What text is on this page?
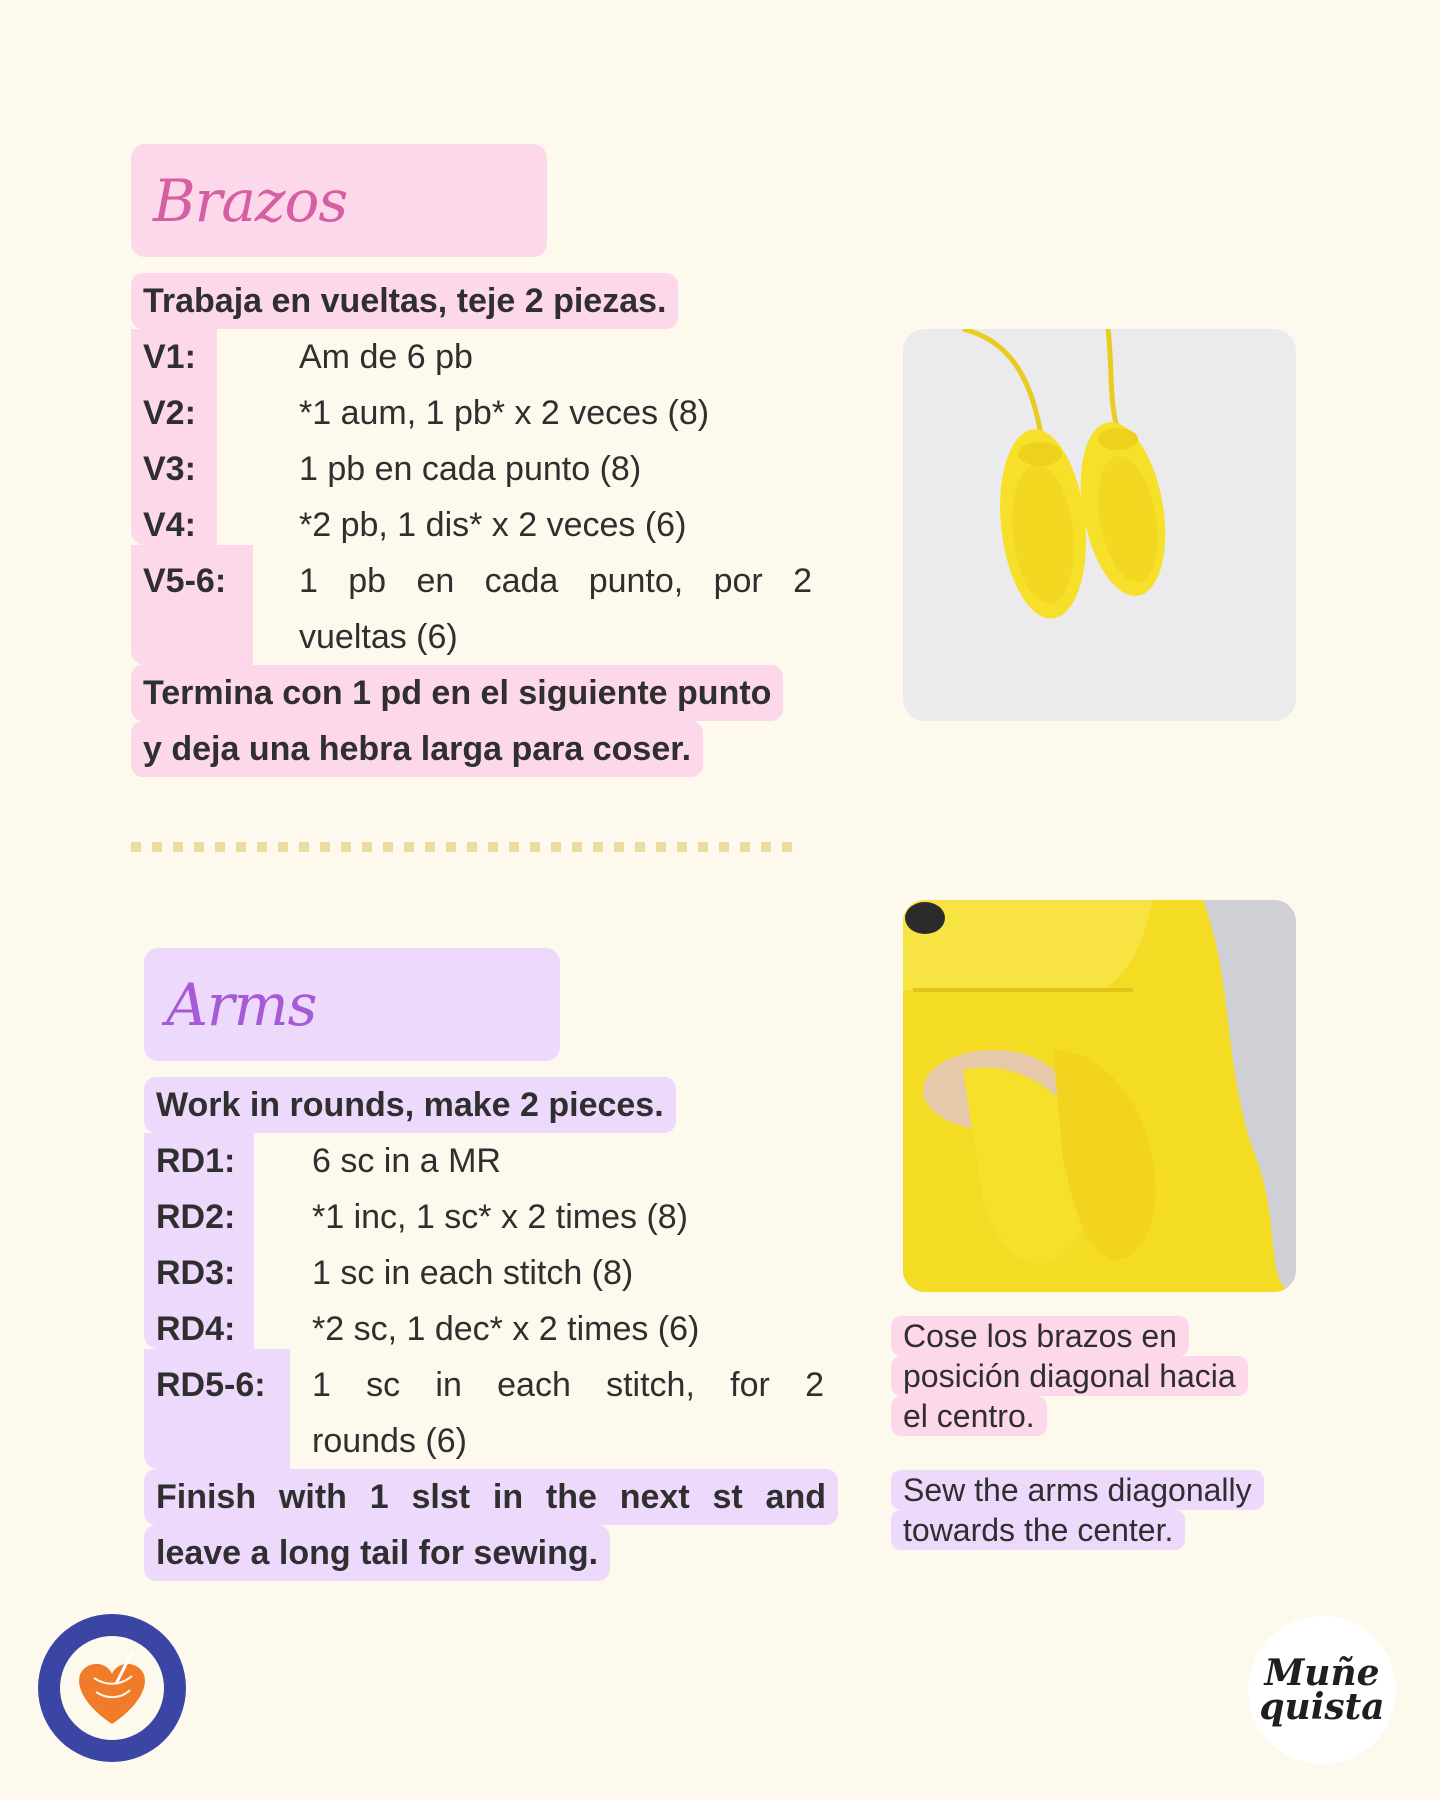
Brazos
Trabaja en vueltas, teje 2 piezas.
V1:	Am de 6 pb
V2:	*1 aum, 1 pb* x 2 veces (8)
V3:	1 pb en cada punto (8)
V4:	*2 pb, 1 dis* x 2 veces (6)
V5-6: 1 pb en cada punto, por 2
vueltas (6)
Termina con 1 pd en el siguiente punto
y deja una hebra larga para coser.
Arms
Work in rounds, make 2 pieces.
RD1: 6 sc in a MR
RD2: *1 inc, 1 sc* x 2 times (8)
RD3: 1 sc in each stitch (8)
RD4: *2 sc, 1 dec* x 2 times (6)
RD5-6: 1 sc in each stitch, for 2
rounds (6)
Finish with 1 slst in the next st and
leave a long tail for sewing.
Cose los brazos en
posición diagonal hacia
el centro.
Sew the arms diagonally
towards the center.
Muñe
quista
